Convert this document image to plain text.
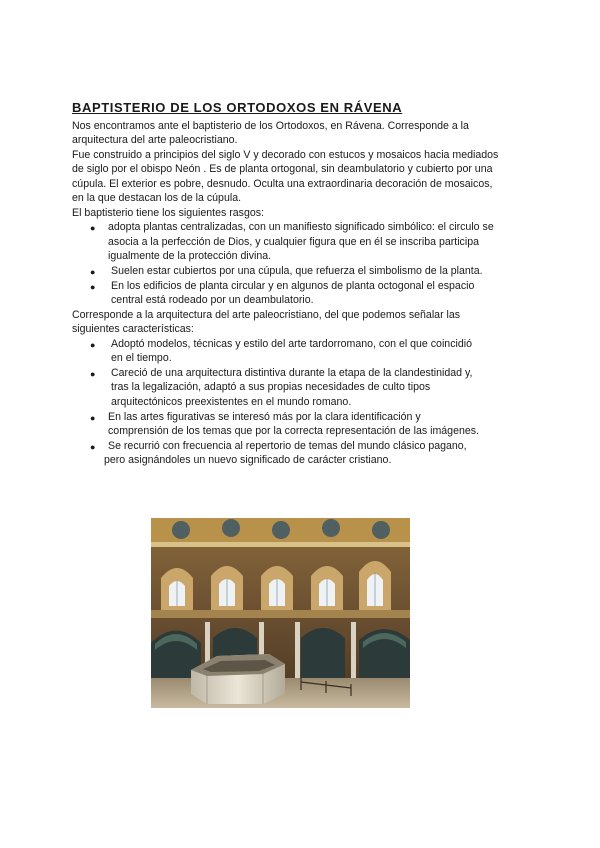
BAPTISTERIO DE LOS ORTODOXOS EN RÁVENA
Nos encontramos ante el baptisterio de los Ortodoxos, en Rávena. Corresponde a la
arquitectura del arte paleocristiano.
Fue construido a principios del siglo V y decorado con estucos y mosaicos hacia mediados
de siglo por el obispo Neón . Es de planta ortogonal, sin deambulatorio y cubierto por una
cúpula. El exterior es pobre, desnudo. Oculta una extraordinaria decoración de mosaicos,
en la que destacan los de la cúpula.
El baptisterio tiene los siguientes rasgos:
● adopta plantas centralizadas, con un manifiesto significado simbólico: el circulo se
asocia a la perfección de Dios, y cualquier figura que en él se inscriba participa
igualmente de la protección divina.
● Suelen estar cubiertos por una cúpula, que refuerza el simbolismo de la planta.
● En los edificios de planta circular y en algunos de planta octogonal el espacio
central está rodeado por un deambulatorio.
Corresponde a la arquitectura del arte paleocristiano, del que podemos señalar las
siguientes características:
● Adoptó modelos, técnicas y estilo del arte tardorromano, con el que coincidió
en el tiempo.
● Careció de una arquitectura distintiva durante la etapa de la clandestinidad y,
tras la legalización, adaptó a sus propias necesidades de culto tipos
arquitectónicos preexistentes en el mundo romano.
● En las artes figurativas se interesó más por la clara identificación y
comprensión de los temas que por la correcta representación de las imágenes.
● Se recurrió con frecuencia al repertorio de temas del mundo clásico pagano,
pero asignándoles un nuevo significado de carácter cristiano.
